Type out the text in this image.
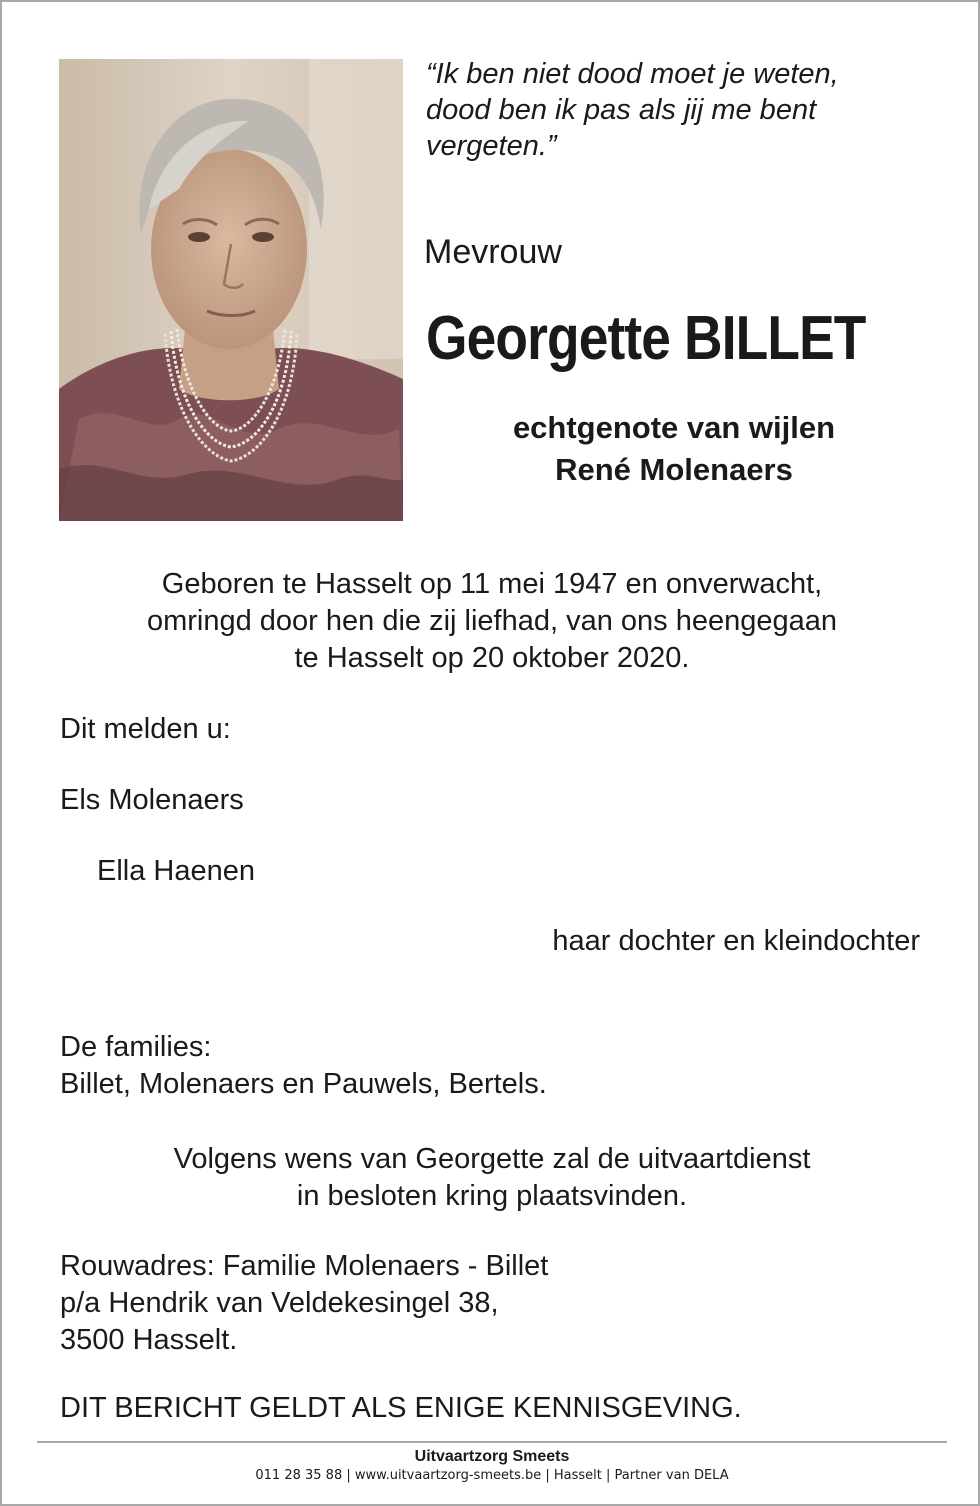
“Ik ben niet dood moet je weten,
dood ben ik pas als jij me bent
vergeten.”
Mevrouw
Georgette BILLET
echtgenote van wijlen
René Molenaers
Geboren te Hasselt op 11 mei 1947 en onverwacht,
omringd door hen die zij liefhad, van ons heengegaan
te Hasselt op 20 oktober 2020.
Dit melden u:
Els Molenaers
Ella Haenen
haar dochter en kleindochter
De families:
Billet, Molenaers en Pauwels, Bertels.
Volgens wens van Georgette zal de uitvaartdienst
in besloten kring plaatsvinden.
Rouwadres: Familie Molenaers - Billet
p/a Hendrik van Veldekesingel 38,
3500 Hasselt.
DIT BERICHT GELDT ALS ENIGE KENNISGEVING.
Uitvaartzorg Smeets
011 28 35 88 | www.uitvaartzorg-smeets.be | Hasselt | Partner van DELA
